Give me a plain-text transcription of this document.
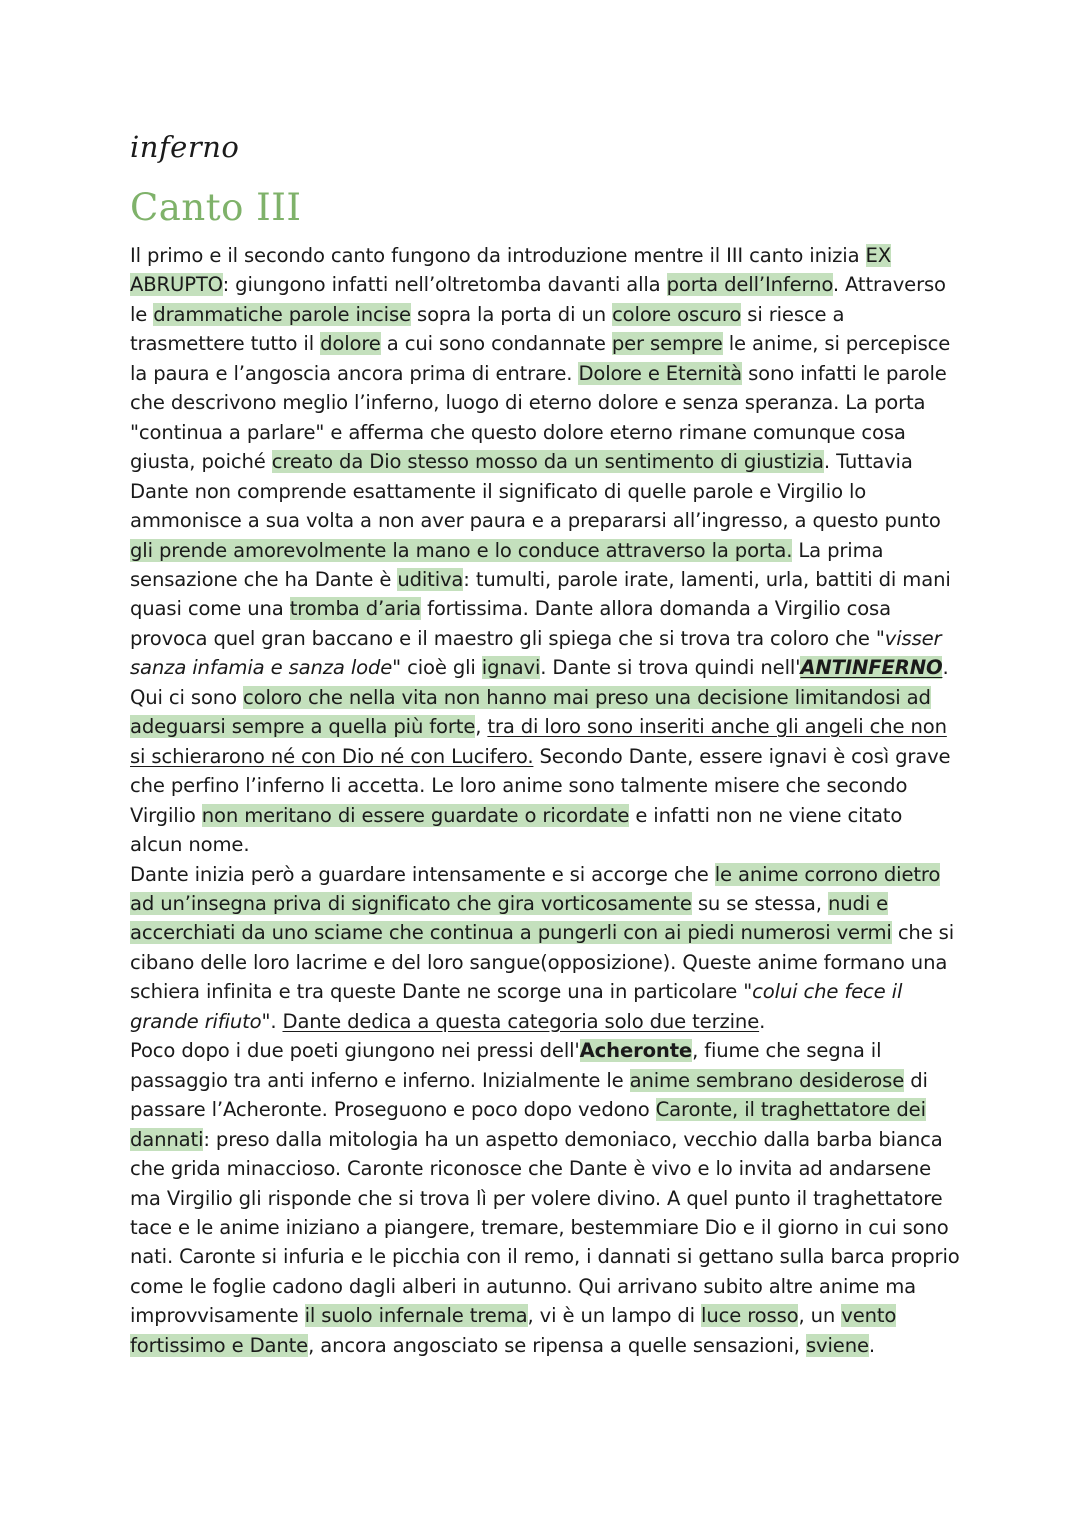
inferno
Canto III

Il primo e il secondo canto fungono da introduzione mentre il III canto inizia EX ABRUPTO: giungono infatti nell’oltretomba davanti alla porta dell’Inferno. Attraverso le drammatiche parole incise sopra la porta di un colore oscuro si riesce a trasmettere tutto il dolore a cui sono condannate per sempre le anime, si percepisce la paura e l’angoscia ancora prima di entrare. Dolore e Eternità sono infatti le parole che descrivono meglio l’inferno, luogo di eterno dolore e senza speranza. La porta "continua a parlare" e afferma che questo dolore eterno rimane comunque cosa giusta, poiché creato da Dio stesso mosso da un sentimento di giustizia. Tuttavia Dante non comprende esattamente il significato di quelle parole e Virgilio lo ammonisce a sua volta a non aver paura e a prepararsi all’ingresso, a questo punto gli prende amorevolmente la mano e lo conduce attraverso la porta. La prima sensazione che ha Dante è uditiva: tumulti, parole irate, lamenti, urla, battiti di mani quasi come una tromba d’aria fortissima. Dante allora domanda a Virgilio cosa provoca quel gran baccano e il maestro gli spiega che si trova tra coloro che "visser sanza infamia e sanza lode" cioè gli ignavi. Dante si trova quindi nell'ANTINFERNO.

Qui ci sono coloro che nella vita non hanno mai preso una decisione limitandosi ad adeguarsi sempre a quella più forte, tra di loro sono inseriti anche gli angeli che non si schierarono né con Dio né con Lucifero. Secondo Dante, essere ignavi è così grave che perfino l’inferno li accetta. Le loro anime sono talmente misere che secondo Virgilio non meritano di essere guardate o ricordate e infatti non ne viene citato alcun nome.

Dante inizia però a guardare intensamente e si accorge che le anime corrono dietro ad un’insegna priva di significato che gira vorticosamente su se stessa, nudi e accerchiati da uno sciame che continua a pungerli con ai piedi numerosi vermi che si cibano delle loro lacrime e del loro sangue(opposizione). Queste anime formano una schiera infinita e tra queste Dante ne scorge una in particolare "colui che fece il grande rifiuto". Dante dedica a questa categoria solo due terzine.

Poco dopo i due poeti giungono nei pressi dell'Acheronte, fiume che segna il passaggio tra anti inferno e inferno. Inizialmente le anime sembrano desiderose di passare l’Acheronte. Proseguono e poco dopo vedono Caronte, il traghettatore dei dannati: preso dalla mitologia ha un aspetto demoniaco, vecchio dalla barba bianca che grida minaccioso. Caronte riconosce che Dante è vivo e lo invita ad andarsene ma Virgilio gli risponde che si trova lì per volere divino. A quel punto il traghettatore tace e le anime iniziano a piangere, tremare, bestemmiare Dio e il giorno in cui sono nati. Caronte si infuria e le picchia con il remo, i dannati si gettano sulla barca proprio come le foglie cadono dagli alberi in autunno. Qui arrivano subito altre anime ma improvvisamente il suolo infernale trema, vi è un lampo di luce rosso, un vento fortissimo e Dante, ancora angosciato se ripensa a quelle sensazioni, sviene.
